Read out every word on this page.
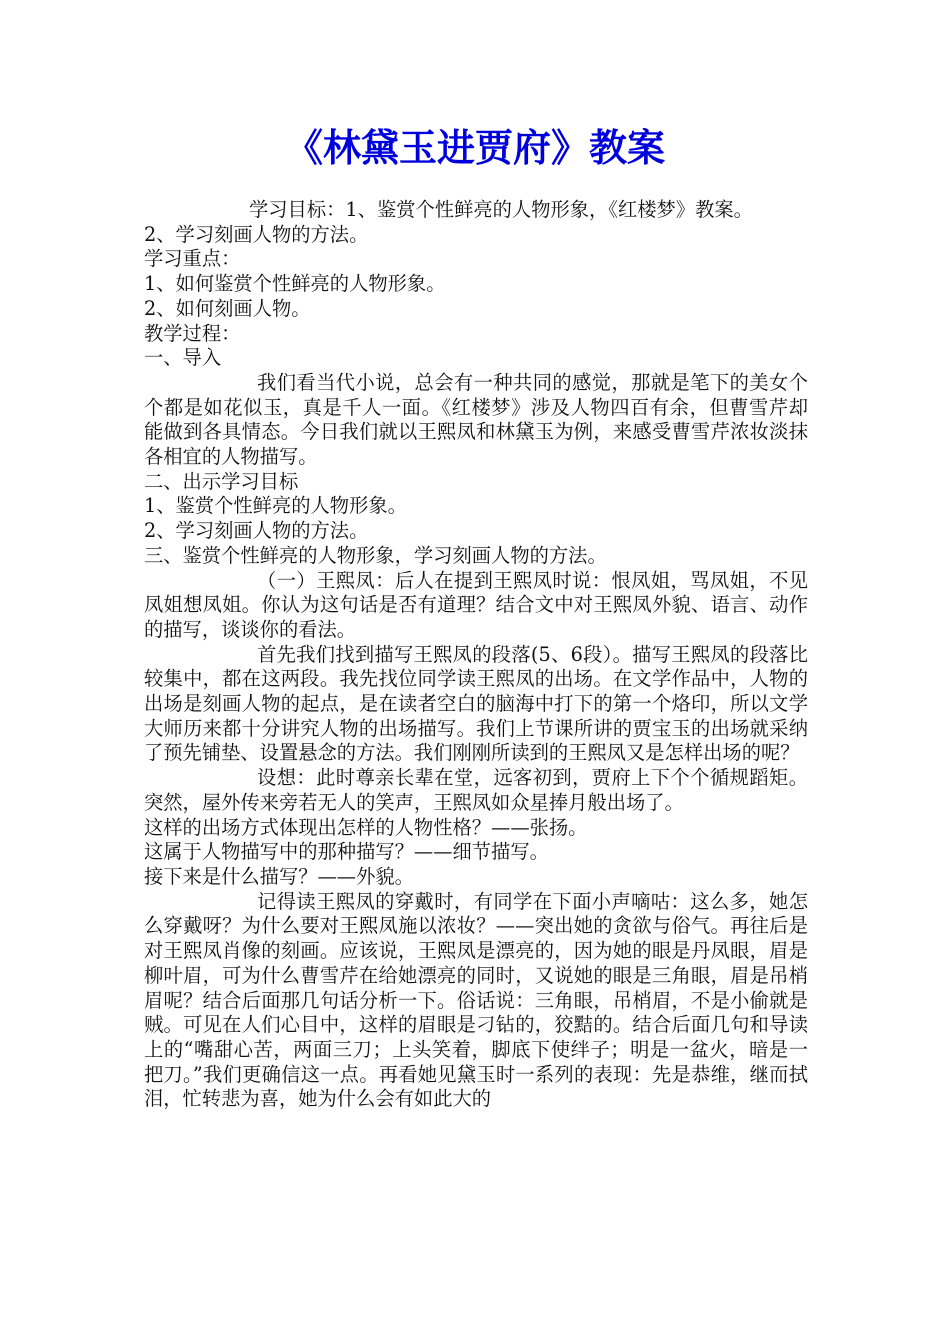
《林黛玉进贾府》教案

学习目标：1、鉴赏个性鲜亮的人物形象，《红楼梦》教案。

2、学习刻画人物的方法。

学习重点：

1、如何鉴赏个性鲜亮的人物形象。

2、如何刻画人物。

教学过程：

一、导入

我们看当代小说，总会有一种共同的感觉，那就是笔下的美女个个都是如花似玉，真是千人一面。《红楼梦》涉及人物四百有余，但曹雪芹却能做到各具情态。今日我们就以王熙凤和林黛玉为例，来感受曹雪芹浓妆淡抹各相宜的人物描写。

二、出示学习目标

1、鉴赏个性鲜亮的人物形象。

2、学习刻画人物的方法。

三、鉴赏个性鲜亮的人物形象，学习刻画人物的方法。

（一）王熙凤：后人在提到王熙凤时说：恨凤姐，骂凤姐，不见凤姐想凤姐。你认为这句话是否有道理？结合文中对王熙凤外貌、语言、动作的描写，谈谈你的看法。

首先我们找到描写王熙凤的段落(5、6段）。描写王熙凤的段落比较集中，都在这两段。我先找位同学读王熙凤的出场。在文学作品中，人物的出场是刻画人物的起点，是在读者空白的脑海中打下的第一个烙印，所以文学大师历来都十分讲究人物的出场描写。我们上节课所讲的贾宝玉的出场就采纳了预先铺垫、设置悬念的方法。我们刚刚所读到的王熙凤又是怎样出场的呢？

设想：此时尊亲长辈在堂，远客初到，贾府上下个个循规蹈矩。突然，屋外传来旁若无人的笑声，王熙凤如众星捧月般出场了。

这样的出场方式体现出怎样的人物性格？——张扬。

这属于人物描写中的那种描写？——细节描写。

接下来是什么描写？——外貌。

记得读王熙凤的穿戴时，有同学在下面小声嘀咕：这么多，她怎么穿戴呀？为什么要对王熙凤施以浓妆？——突出她的贪欲与俗气。再往后是对王熙凤肖像的刻画。应该说，王熙凤是漂亮的，因为她的眼是丹凤眼，眉是柳叶眉，可为什么曹雪芹在给她漂亮的同时，又说她的眼是三角眼，眉是吊梢眉呢？结合后面那几句话分析一下。俗话说：三角眼，吊梢眉，不是小偷就是贼。可见在人们心目中，这样的眉眼是刁钻的，狡黠的。结合后面几句和导读上的“嘴甜心苦，两面三刀；上头笑着，脚底下使绊子；明是一盆火，暗是一把刀。”我们更确信这一点。再看她见黛玉时一系列的表现：先是恭维，继而拭泪，忙转悲为喜，她为什么会有如此大的
